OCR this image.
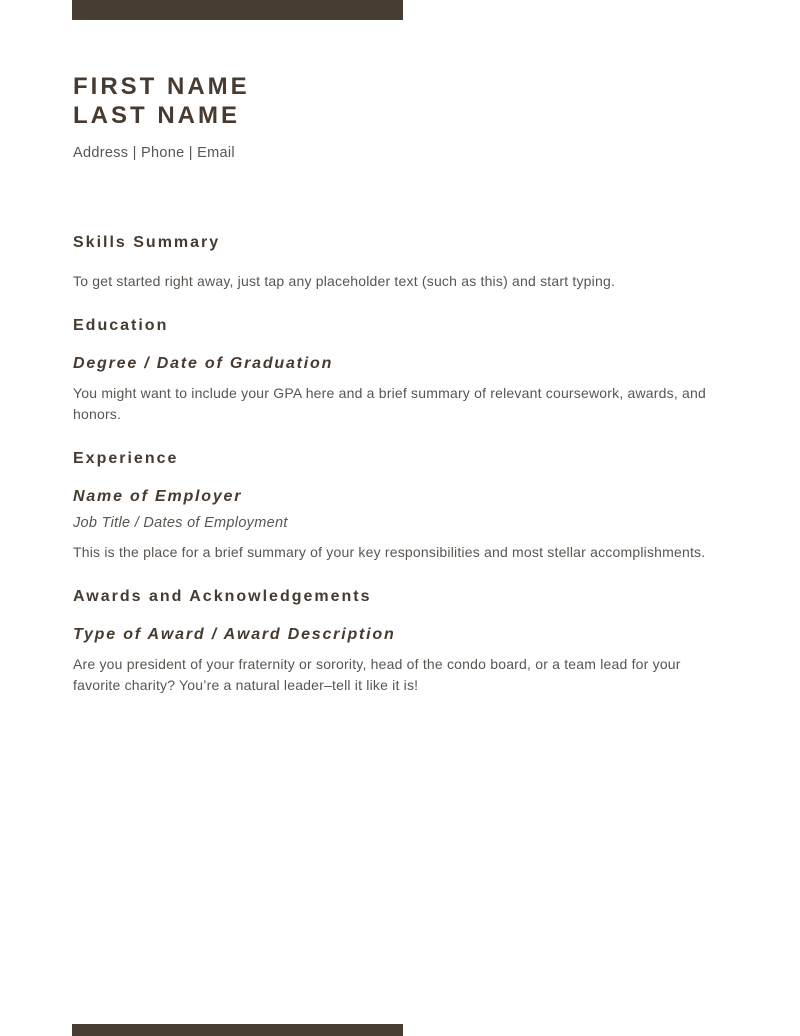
FIRST NAME
LAST NAME

Address | Phone | Email

Skills Summary

To get started right away, just tap any placeholder text (such as this) and start typing.

Education
Degree / Date of Graduation

You might want to include your GPA here and a brief summary of relevant coursework, awards, and honors.

Experience
Name of Employer

Job Title / Dates of Employment

This is the place for a brief summary of your key responsibilities and most stellar accomplishments.

Awards and Acknowledgements
Type of Award / Award Description

Are you president of your fraternity or sorority, head of the condo board, or a team lead for your favorite charity? You’re a natural leader–tell it like it is!
